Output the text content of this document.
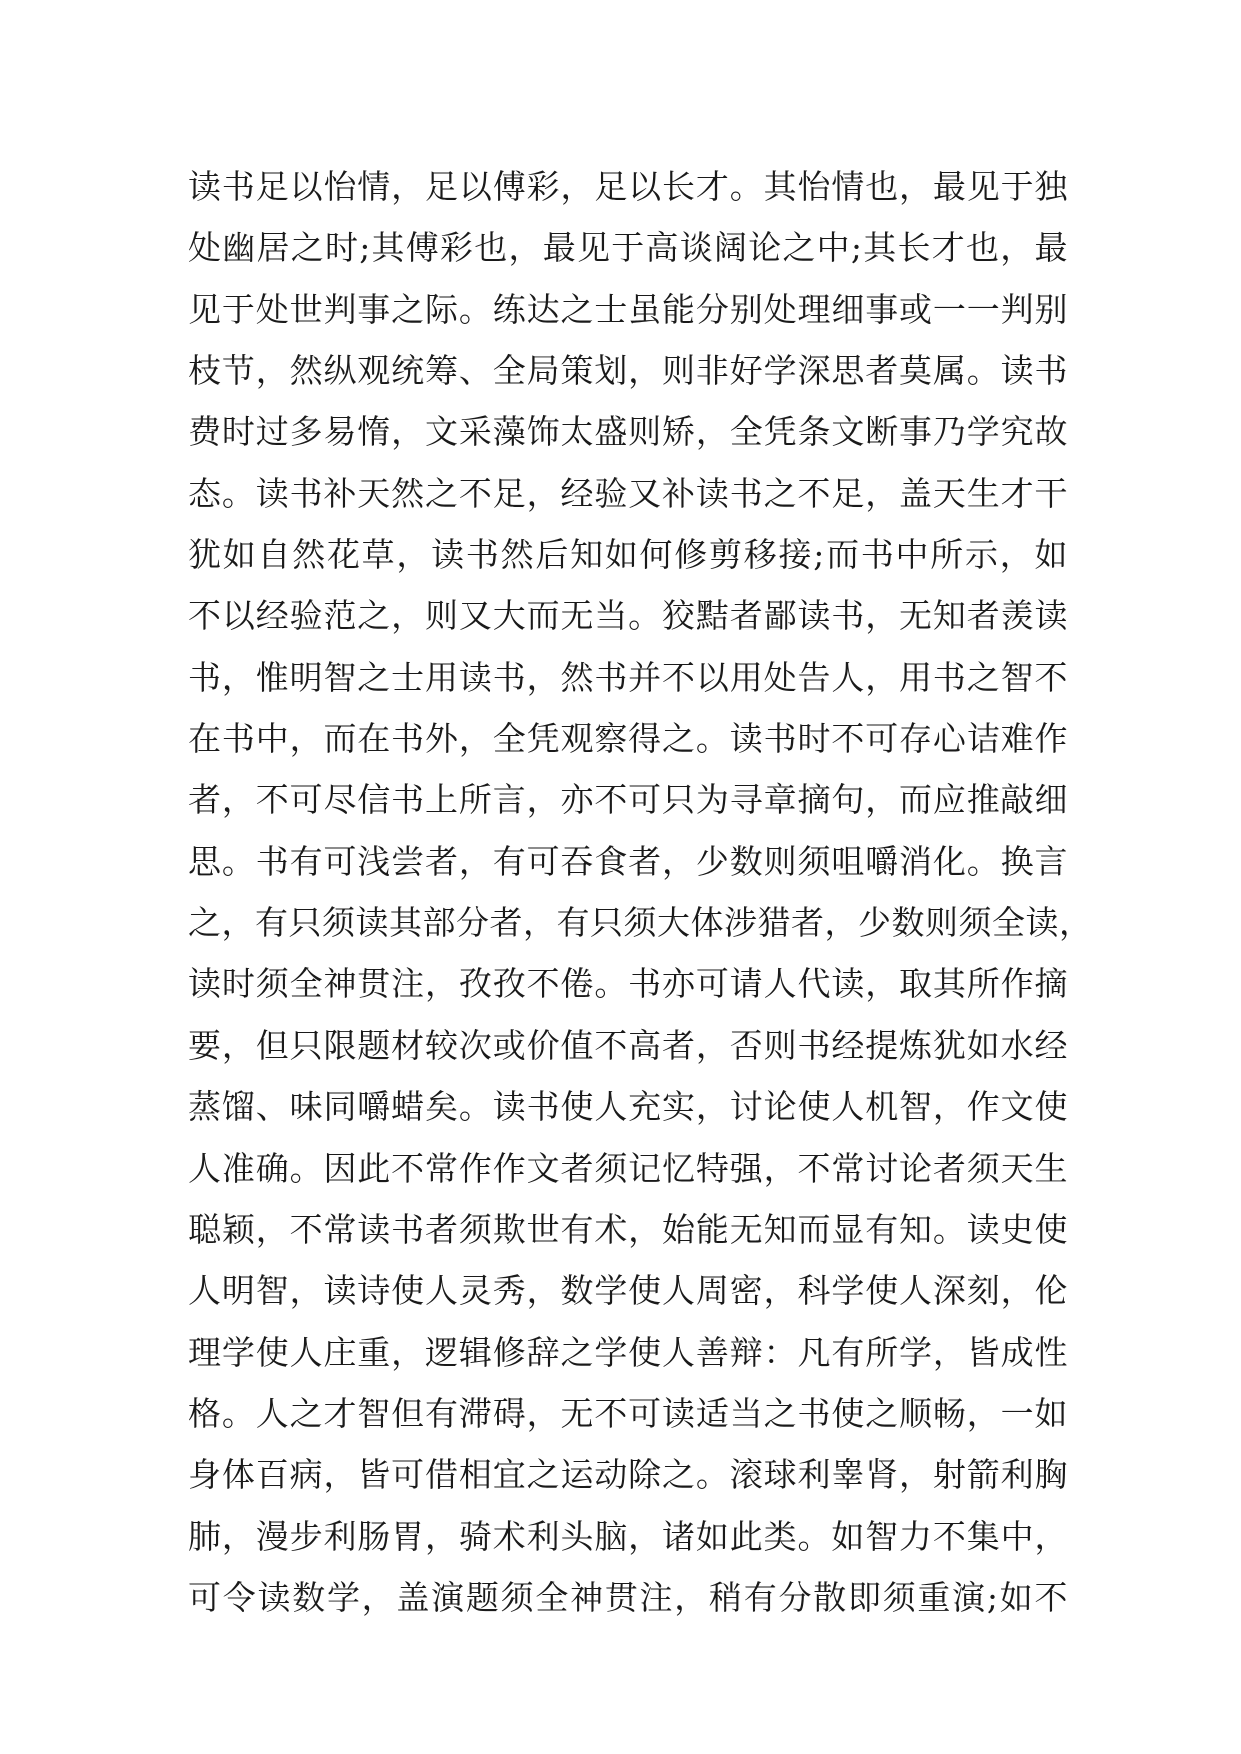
读书足以怡情，足以傅彩，足以长才。其怡情也，最见于独
处幽居之时;其傅彩也，最见于高谈阔论之中;其长才也，最
见于处世判事之际。练达之士虽能分别处理细事或一一判别
枝节，然纵观统筹、全局策划，则非好学深思者莫属。读书
费时过多易惰，文采藻饰太盛则矫，全凭条文断事乃学究故
态。读书补天然之不足，经验又补读书之不足，盖天生才干
犹如自然花草，读书然后知如何修剪移接;而书中所示，如
不以经验范之，则又大而无当。狡黠者鄙读书，无知者羡读
书，惟明智之士用读书，然书并不以用处告人，用书之智不
在书中，而在书外，全凭观察得之。读书时不可存心诘难作
者，不可尽信书上所言，亦不可只为寻章摘句，而应推敲细
思。书有可浅尝者，有可吞食者，少数则须咀嚼消化。换言
之，有只须读其部分者，有只须大体涉猎者，少数则须全读，
读时须全神贯注，孜孜不倦。书亦可请人代读，取其所作摘
要，但只限题材较次或价值不高者，否则书经提炼犹如水经
蒸馏、味同嚼蜡矣。读书使人充实，讨论使人机智，作文使
人准确。因此不常作作文者须记忆特强，不常讨论者须天生
聪颖，不常读书者须欺世有术，始能无知而显有知。读史使
人明智，读诗使人灵秀，数学使人周密，科学使人深刻，伦
理学使人庄重，逻辑修辞之学使人善辩：凡有所学，皆成性
格。人之才智但有滞碍，无不可读适当之书使之顺畅，一如
身体百病，皆可借相宜之运动除之。滚球利睾肾，射箭利胸
肺，漫步利肠胃，骑术利头脑，诸如此类。如智力不集中，
可令读数学，盖演题须全神贯注，稍有分散即须重演;如不
